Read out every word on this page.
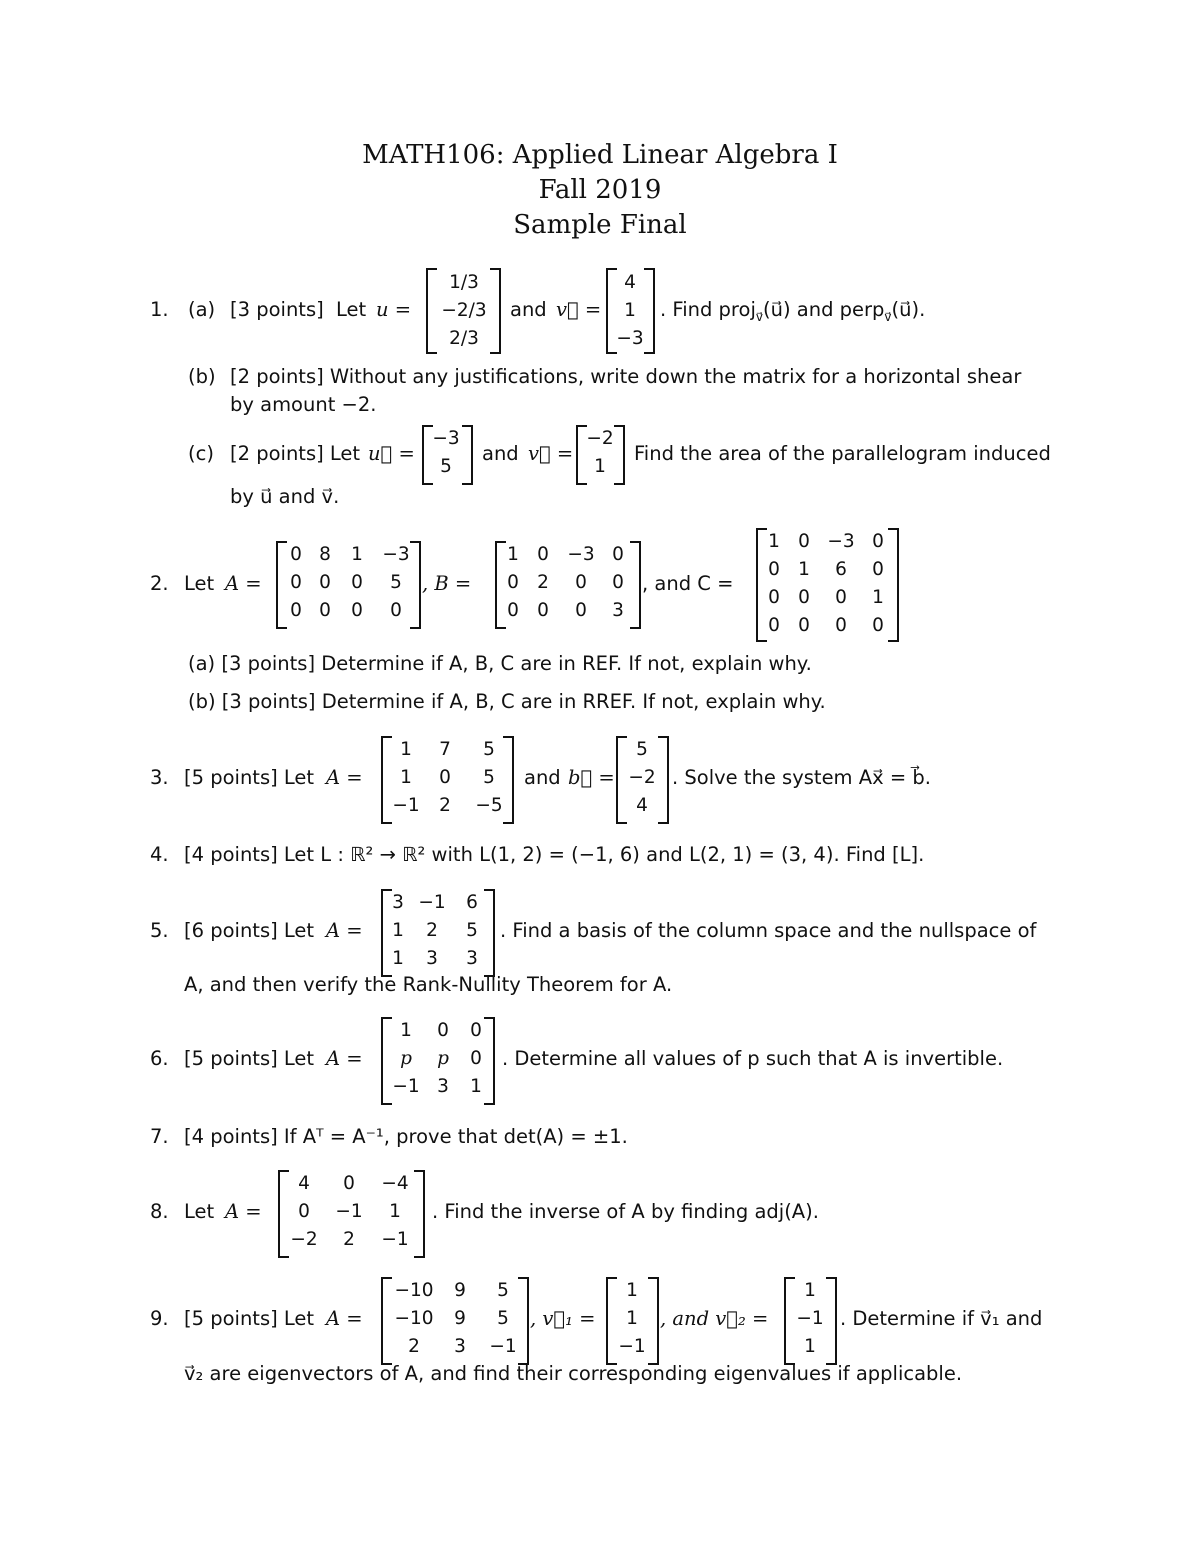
MATH106: Applied Linear Algebra I
Fall 2019
Sample Final
1. (a) [3 points] Let u =
1/3
−2/3
2/3
and v⃗ =
4
1
−3
. Find proj$_{v⃗}$(u⃗) and perp$_{v⃗}$(u⃗).
(b) [2 points] Without any justifications, write down the matrix for a horizontal shear
by amount −2.
(c) [2 points] Let u⃗ =
−3
5
and v⃗ =
−2
1
Find the area of the parallelogram induced
by u⃗ and v⃗.
2. Let A =
0 8	1	−3
0 0	0	5
0 0	0	0
, B =
1 0 −3 0
0 2	0	0
0 0	0	3
, and C =
1 0 −3 0
0 1	6	0
0 0	0	1
0 0	0	0
(a) [3 points] Determine if A, B, C are in REF. If not, explain why.
(b) [3 points] Determine if A, B, C are in RREF. If not, explain why.
3. [5 points] Let A =
1	7	5
1	0	5
−1	2	−5
and b⃗ =
5
−2
4
. Solve the system Ax⃗ = b⃗.
4. [4 points] Let L : ℝ² → ℝ² with L(1, 2) = (−1, 6) and L(2, 1) = (3, 4). Find [L].
5. [6 points] Let A =
3 −1	6
1	2	5
1	3	3
. Find a basis of the column space and the nullspace of
A, and then verify the Rank-Nullity Theorem for A.
6. [5 points] Let A =
1	0	0
p	p	0
−1 3	1
. Determine all values of p such that A is invertible.
7. [4 points] If Aᵀ = A⁻¹, prove that det(A) = ±1.
8. Let A =
4	0	−4
0	−1	1
−2	2	−1
. Find the inverse of A by finding adj(A).
9. [5 points] Let A =
−10	9	5
−10	9	5
2	3	−1
, v⃗₁ =
1
1
−1
, and v⃗₂ =
1
−1
1
. Determine if v⃗₁ and
v⃗₂ are eigenvectors of A, and find their corresponding eigenvalues if applicable.
